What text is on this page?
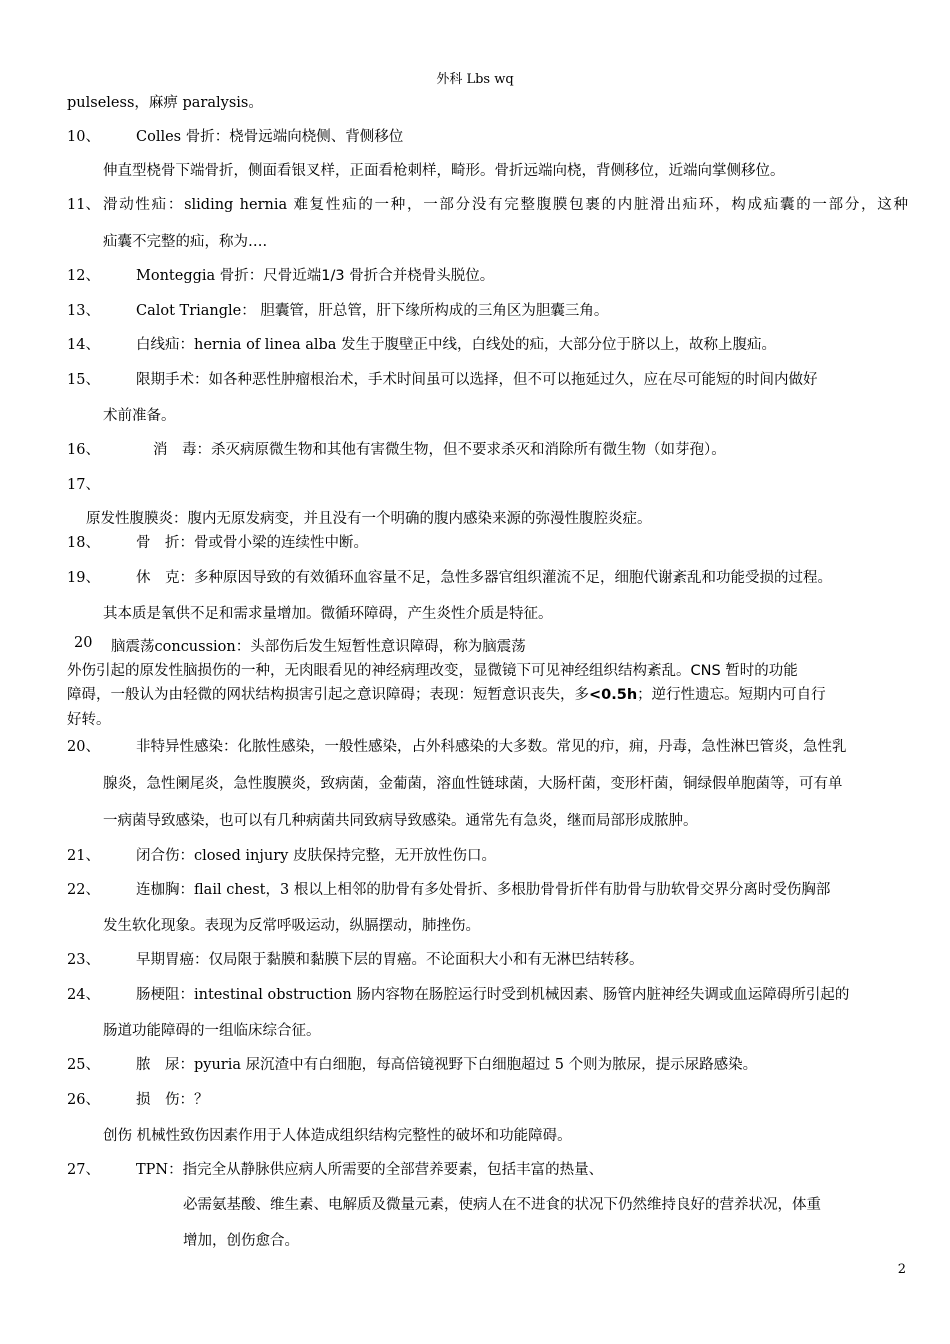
外科 Lbs wq
pulseless，麻痹 paralysis。
10、 Colles 骨折：桡骨远端向桡侧、背侧移位
伸直型桡骨下端骨折，侧面看银叉样，正面看枪刺样，畸形。骨折远端向桡，背侧移位，近端向掌侧移位。
11、 滑动性疝：sliding hernia 难复性疝的一种，一部分没有完整腹膜包裹的内脏滑出疝环，构成疝囊的一部分，这种
疝囊不完整的疝，称为….
12、 Monteggia 骨折：尺骨近端1/3 骨折合并桡骨头脱位。
13、 Calot Triangle： 胆囊管，肝总管，肝下缘所构成的三角区为胆囊三角。
14、 白线疝：hernia of linea alba 发生于腹壁正中线，白线处的疝，大部分位于脐以上，故称上腹疝。
15、 限期手术：如各种恶性肿瘤根治术，手术时间虽可以选择，但不可以拖延过久，应在尽可能短的时间内做好
术前准备。
16、	消　毒：杀灭病原微生物和其他有害微生物，但不要求杀灭和消除所有微生物（如芽孢）。
17、
原发性腹膜炎：腹内无原发病变，并且没有一个明确的腹内感染来源的弥漫性腹腔炎症。
18、 骨　折：骨或骨小梁的连续性中断。
19、 休　克：多种原因导致的有效循环血容量不足，急性多器官组织灌流不足，细胞代谢紊乱和功能受损的过程。
其本质是氧供不足和需求量增加。微循环障碍，产生炎性介质是特征。
20 脑震荡concussion：头部伤后发生短暂性意识障碍，称为脑震荡
外伤引起的原发性脑损伤的一种，无肉眼看见的神经病理改变，显微镜下可见神经组织结构紊乱。CNS 暂时的功能
障碍，一般认为由轻微的网状结构损害引起之意识障碍；表现：短暂意识丧失，多<0.5h；逆行性遗忘。短期内可自行
好转。
20、 非特异性感染：化脓性感染，一般性感染，占外科感染的大多数。常见的疖，痈，丹毒，急性淋巴管炎，急性乳
腺炎，急性阑尾炎，急性腹膜炎，致病菌，金葡菌，溶血性链球菌，大肠杆菌，变形杆菌，铜绿假单胞菌等，可有单
一病菌导致感染，也可以有几种病菌共同致病导致感染。通常先有急炎，继而局部形成脓肿。
21、 闭合伤：closed injury 皮肤保持完整，无开放性伤口。
22、 连枷胸：flail chest，3 根以上相邻的肋骨有多处骨折、多根肋骨骨折伴有肋骨与肋软骨交界分离时受伤胸部
发生软化现象。表现为反常呼吸运动，纵膈摆动，肺挫伤。
23、 早期胃癌：仅局限于黏膜和黏膜下层的胃癌。不论面积大小和有无淋巴结转移。
24、 肠梗阻：intestinal obstruction 肠内容物在肠腔运行时受到机械因素、肠管内脏神经失调或血运障碍所引起的
肠道功能障碍的一组临床综合征。
25、 脓　尿：pyuria 尿沉渣中有白细胞，每高倍镜视野下白细胞超过 5 个则为脓尿，提示尿路感染。
26、 损　伤：？
创伤 机械性致伤因素作用于人体造成组织结构完整性的破坏和功能障碍。
27、 TPN：指完全从静脉供应病人所需要的全部营养要素，包括丰富的热量、
必需氨基酸、维生素、电解质及微量元素，使病人在不进食的状况下仍然维持良好的营养状况，体重
增加，创伤愈合。
2
